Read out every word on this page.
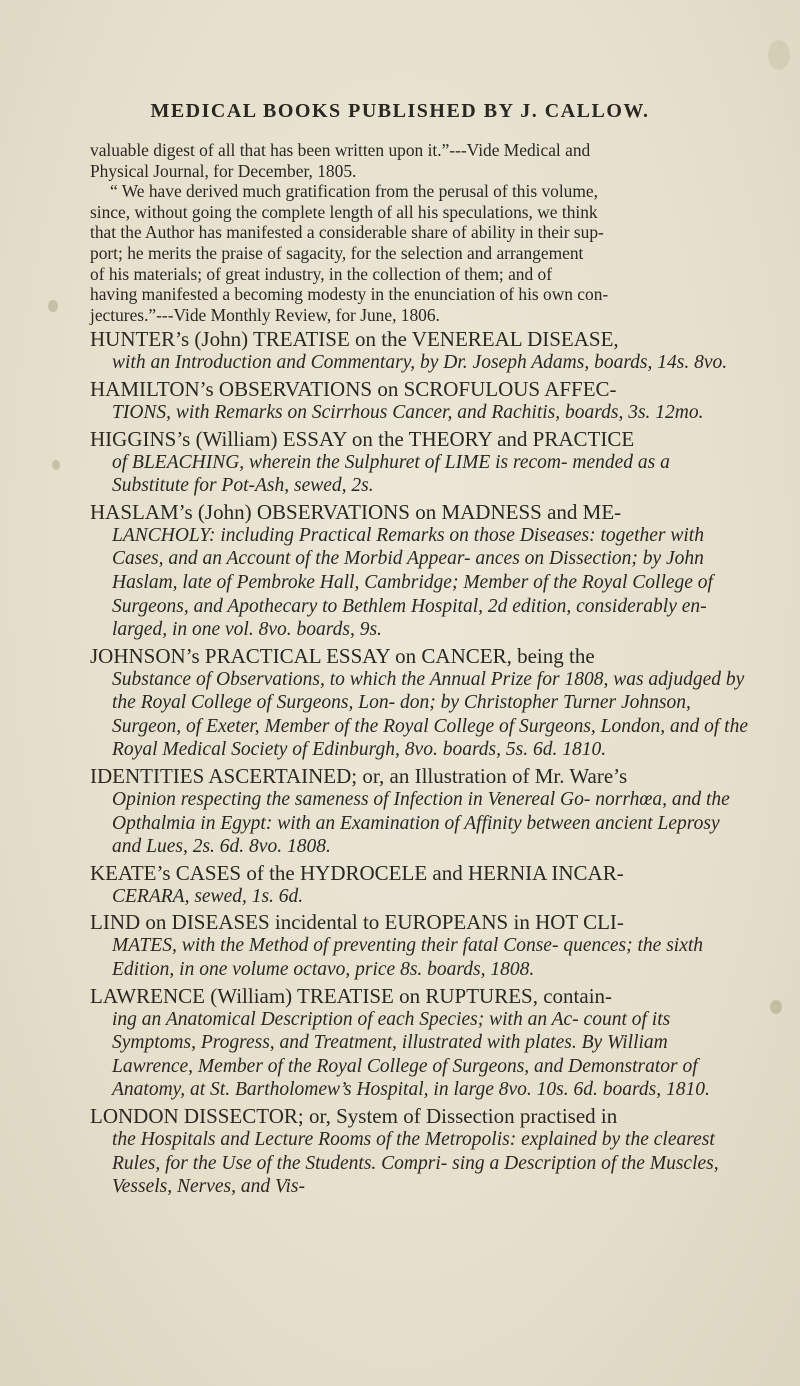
MEDICAL BOOKS PUBLISHED BY J. CALLOW.

valuable digest of all that has been written upon it.”---Vide Medical and
Physical Journal, for December, 1805.

“ We have derived much gratification from the perusal of this volume,
since, without going the complete length of all his speculations, we think
that the Author has manifested a considerable share of ability in their sup-
port; he merits the praise of sagacity, for the selection and arrangement
of his materials; of great industry, in the collection of them; and of
having manifested a becoming modesty in the enunciation of his own con-
jectures.”---Vide Monthly Review, for June, 1806.

HUNTER’s (John) TREATISE on the VENEREAL DISEASE,
with an Introduction and Commentary, by Dr. Joseph Adams, boards, 14s. 8vo.
HAMILTON’s OBSERVATIONS on SCROFULOUS AFFEC-
TIONS, with Remarks on Scirrhous Cancer, and Rachitis, boards, 3s. 12mo.
HIGGINS’s (William) ESSAY on the THEORY and PRACTICE
of BLEACHING, wherein the Sulphuret of LIME is recom- mended as a Substitute for Pot-Ash, sewed, 2s.
HASLAM’s (John) OBSERVATIONS on MADNESS and ME-
LANCHOLY: including Practical Remarks on those Diseases: together with Cases, and an Account of the Morbid Appear- ances on Dissection; by John Haslam, late of Pembroke Hall, Cambridge; Member of the Royal College of Surgeons, and Apothecary to Bethlem Hospital, 2d edition, considerably en- larged, in one vol. 8vo. boards, 9s.
JOHNSON’s PRACTICAL ESSAY on CANCER, being the
Substance of Observations, to which the Annual Prize for 1808, was adjudged by the Royal College of Surgeons, Lon- don; by Christopher Turner Johnson, Surgeon, of Exeter, Member of the Royal College of Surgeons, London, and of the Royal Medical Society of Edinburgh, 8vo. boards, 5s. 6d. 1810.
IDENTITIES ASCERTAINED; or, an Illustration of Mr. Ware’s
Opinion respecting the sameness of Infection in Venereal Go- norrhœa, and the Opthalmia in Egypt: with an Examination of Affinity between ancient Leprosy and Lues, 2s. 6d. 8vo. 1808.
KEATE’s CASES of the HYDROCELE and HERNIA INCAR-
CERARA, sewed, 1s. 6d.
LIND on DISEASES incidental to EUROPEANS in HOT CLI-
MATES, with the Method of preventing their fatal Conse- quences; the sixth Edition, in one volume octavo, price 8s. boards, 1808.
LAWRENCE (William) TREATISE on RUPTURES, contain-
ing an Anatomical Description of each Species; with an Ac- count of its Symptoms, Progress, and Treatment, illustrated with plates. By William Lawrence, Member of the Royal College of Surgeons, and Demonstrator of Anatomy, at St. Bartholomew’s Hospital, in large 8vo. 10s. 6d. boards, 1810.
LONDON DISSECTOR; or, System of Dissection practised in
the Hospitals and Lecture Rooms of the Metropolis: explained by the clearest Rules, for the Use of the Students. Compri- sing a Description of the Muscles, Vessels, Nerves, and Vis-
